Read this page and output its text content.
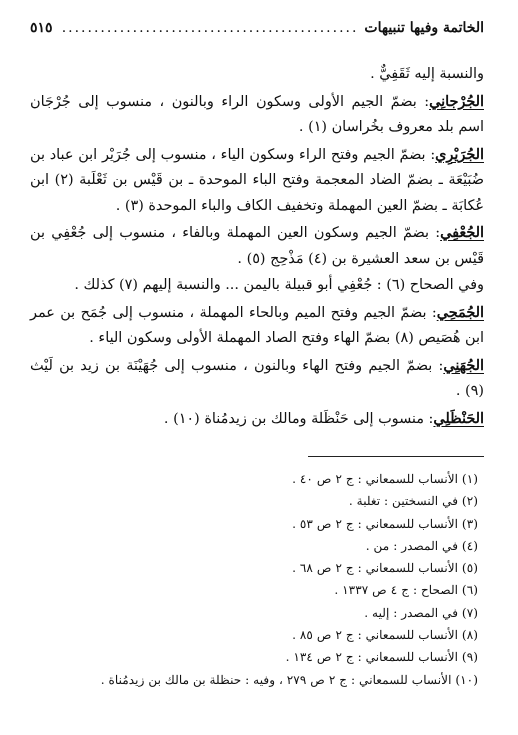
الخاتمة وفيها تنبيهات
.....
٥١٥

والنسبة إليه ثَقَفِيٌّ .

الجُرْجانِي: بضمّ الجيم الأولى وسكون الراء وبالنون ، منسوب إلى جُرْجَان اسم بلد معروف بخُراسان (١) .

الجُرَيْرِي: بضمّ الجيم وفتح الراء وسكون الياء ، منسوب إلى جُرَيْر ابن عباد بن ضُبَيْعَة ـ بضمّ الضاد المعجمة وفتح الباء الموحدة ـ بن قَيْس بن ثَعْلَبة (٢) ابن عُكابَة ـ بضمّ العين المهملة وتخفيف الكاف والباء الموحدة (٣) .

الجُعْفِي: بضمّ الجيم وسكون العين المهملة وبالفاء ، منسوب إلى جُعْفِي بن قَيْس بن سعد العشيرة بن (٤) مَذْحِج (٥) .

وفي الصحاح (٦) : جُعْفِي أبو قبيلة باليمن ... والنسبة إليهم (٧) كذلك .

الجُمَحِي: بضمّ الجيم وفتح الميم وبالحاء المهملة ، منسوب إلى جُمَح بن عمر ابن هُصَيص (٨) بضمّ الهاء وفتح الصاد المهملة الأولى وسكون الياء .

الجُهَنِي: بضمّ الجيم وفتح الهاء وبالنون ، منسوب إلى جُهَيْنَة بن زيد بن لَيْث (٩) .

الحَنْظَلِي: منسوب إلى حَنْظَلة ومالك بن زيدمُناة (١٠) .

(١) الأنساب للسمعاني : ج ٢ ص ٤٠ .
(٢) في النسختين : تغلبة .
(٣) الأنساب للسمعاني : ج ٢ ص ٥٣ .
(٤) في المصدر : من .
(٥) الأنساب للسمعاني : ج ٢ ص ٦٨ .
(٦) الصحاح : ج ٤ ص ١٣٣٧ .
(٧) في المصدر : إليه .
(٨) الأنساب للسمعاني : ج ٢ ص ٨٥ .
(٩) الأنساب للسمعاني : ج ٢ ص ١٣٤ .
(١٠) الأنساب للسمعاني : ج ٢ ص ٢٧٩ ، وفيه : حنظلة بن مالك بن زيدمُناة .
